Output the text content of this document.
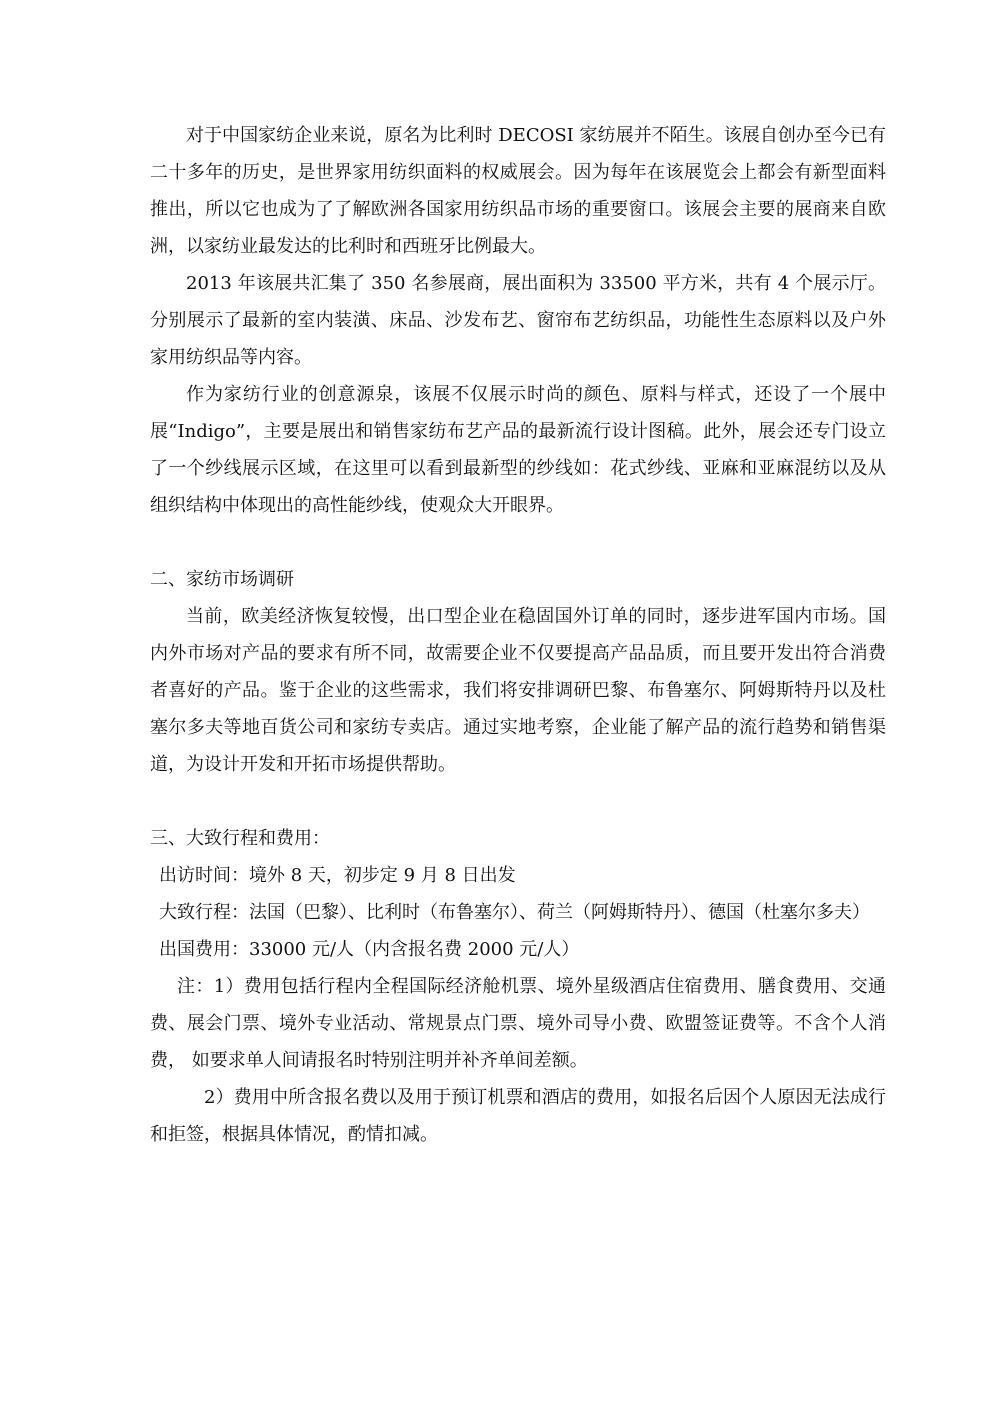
对于中国家纺企业来说，原名为比利时 DECOSI 家纺展并不陌生。该展自创办至今已有二十多年的历史，是世界家用纺织面料的权威展会。因为每年在该展览会上都会有新型面料推出，所以它也成为了了解欧洲各国家用纺织品市场的重要窗口。该展会主要的展商来自欧洲，以家纺业最发达的比利时和西班牙比例最大。

2013 年该展共汇集了 350 名参展商，展出面积为 33500 平方米，共有 4 个展示厅。分别展示了最新的室内装潢、床品、沙发布艺、窗帘布艺纺织品，功能性生态原料以及户外家用纺织品等内容。

作为家纺行业的创意源泉，该展不仅展示时尚的颜色、原料与样式，还设了一个展中展“Indigo”，主要是展出和销售家纺布艺产品的最新流行设计图稿。此外，展会还专门设立了一个纱线展示区域，在这里可以看到最新型的纱线如：花式纱线、亚麻和亚麻混纺以及从组织结构中体现出的高性能纱线，使观众大开眼界。

二、家纺市场调研

当前，欧美经济恢复较慢，出口型企业在稳固国外订单的同时，逐步进军国内市场。国内外市场对产品的要求有所不同，故需要企业不仅要提高产品品质，而且要开发出符合消费者喜好的产品。鉴于企业的这些需求，我们将安排调研巴黎、布鲁塞尔、阿姆斯特丹以及杜塞尔多夫等地百货公司和家纺专卖店。通过实地考察，企业能了解产品的流行趋势和销售渠道，为设计开发和开拓市场提供帮助。

三、大致行程和费用：

出访时间：境外 8 天，初步定 9 月 8 日出发

大致行程：法国（巴黎）、比利时（布鲁塞尔）、荷兰（阿姆斯特丹）、德国（杜塞尔多夫）

出国费用：33000 元/人（内含报名费 2000 元/人）

注：1）费用包括行程内全程国际经济舱机票、境外星级酒店住宿费用、膳食费用、交通费、展会门票、境外专业活动、常规景点门票、境外司导小费、欧盟签证费等。不含个人消费， 如要求单人间请报名时特别注明并补齐单间差额。

2）费用中所含报名费以及用于预订机票和酒店的费用，如报名后因个人原因无法成行和拒签，根据具体情况，酌情扣减。
